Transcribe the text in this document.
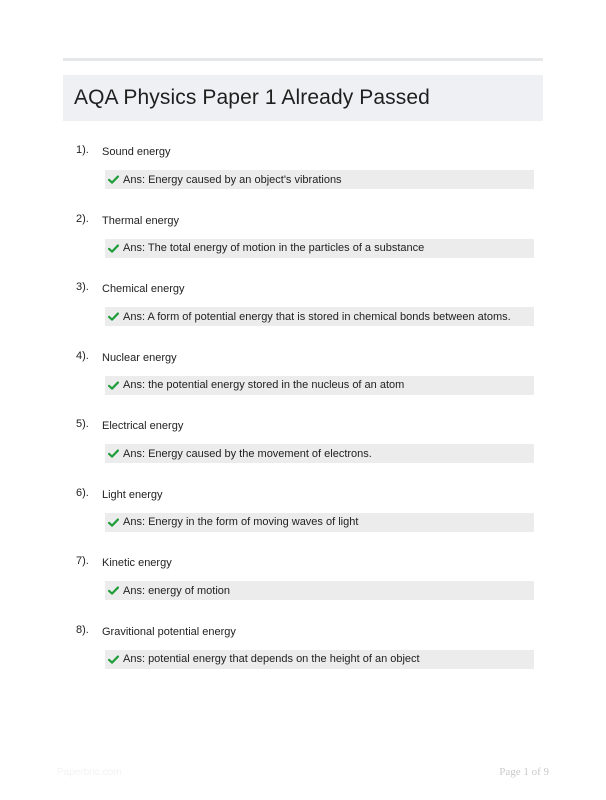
AQA Physics Paper 1 Already Passed
1). Sound energy
Ans: Energy caused by an object's vibrations
2). Thermal energy
Ans: The total energy of motion in the particles of a substance
3). Chemical energy
Ans: A form of potential energy that is stored in chemical bonds between atoms.
4). Nuclear energy
Ans: the potential energy stored in the nucleus of an atom
5). Electrical energy
Ans: Energy caused by the movement of electrons.
6). Light energy
Ans: Energy in the form of moving waves of light
7). Kinetic energy
Ans: energy of motion
8). Gravitional potential energy
Ans: potential energy that depends on the height of an object
Paperbric.com	Page 1 of 9
